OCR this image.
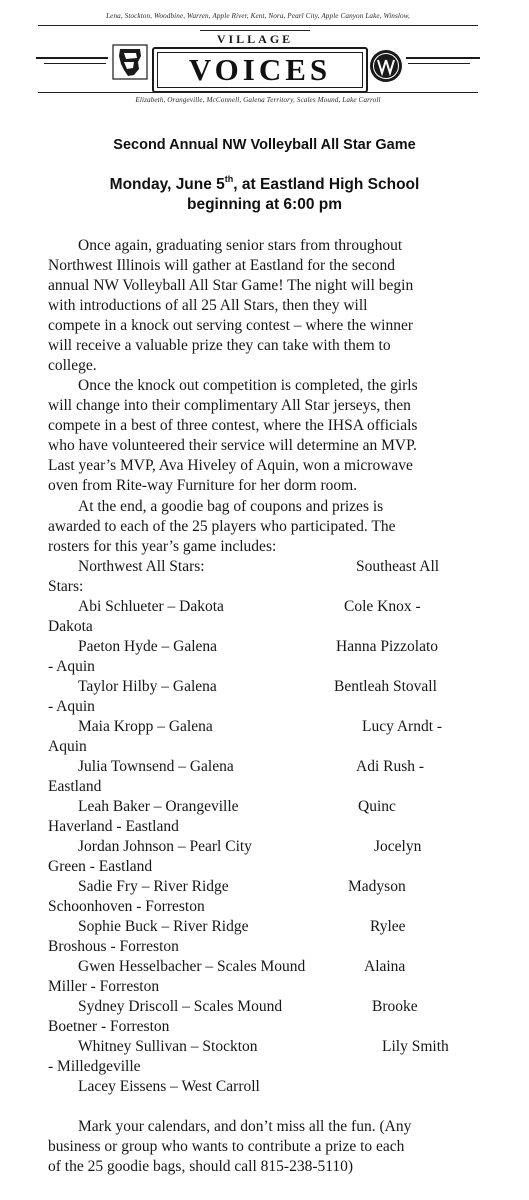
Lena, Stockton, Woodbine, Warren, Apple River, Kent, Nora, Pearl City, Apple Canyon Lake, Winslow,
VILLAGE
VOICES
Elizabeth, Orangeville, McConnell, Galena Territory, Scales Mound, Lake Carroll
Second Annual NW Volleyball All Star Game
Monday, June 5th, at Eastland High School
beginning at 6:00 pm
Once again, graduating senior stars from throughout
Northwest Illinois will gather at Eastland for the second
annual NW Volleyball All Star Game! The night will begin
with introductions of all 25 All Stars, then they will
compete in a knock out serving contest – where the winner
will receive a valuable prize they can take with them to
college.
Once the knock out competition is completed, the girls
will change into their complimentary All Star jerseys, then
compete in a best of three contest, where the IHSA officials
who have volunteered their service will determine an MVP.
Last year’s MVP, Ava Hiveley of Aquin, won a microwave
oven from Rite-way Furniture for her dorm room.
At the end, a goodie bag of coupons and prizes is
awarded to each of the 25 players who participated. The
rosters for this year’s game includes:
Northwest All Stars:	Southeast All
Stars:
Abi Schlueter – Dakota	Cole Knox -
Dakota
Paeton Hyde – Galena	Hanna Pizzolato
- Aquin
Taylor Hilby – Galena	Bentleah Stovall
- Aquin
Maia Kropp – Galena	Lucy Arndt -
Aquin
Julia Townsend – Galena	Adi Rush -
Eastland
Leah Baker – Orangeville	Quinc
Haverland - Eastland
Jordan Johnson – Pearl City	Jocelyn
Green - Eastland
Sadie Fry – River Ridge	Madyson
Schoonhoven - Forreston
Sophie Buck – River Ridge	Rylee
Broshous - Forreston
Gwen Hesselbacher – Scales Mound	Alaina
Miller - Forreston
Sydney Driscoll – Scales Mound	Brooke
Boetner - Forreston
Whitney Sullivan – Stockton	Lily Smith
- Milledgeville
Lacey Eissens – West Carroll
Mark your calendars, and don’t miss all the fun. (Any
business or group who wants to contribute a prize to each
of the 25 goodie bags, should call 815-238-5110)
